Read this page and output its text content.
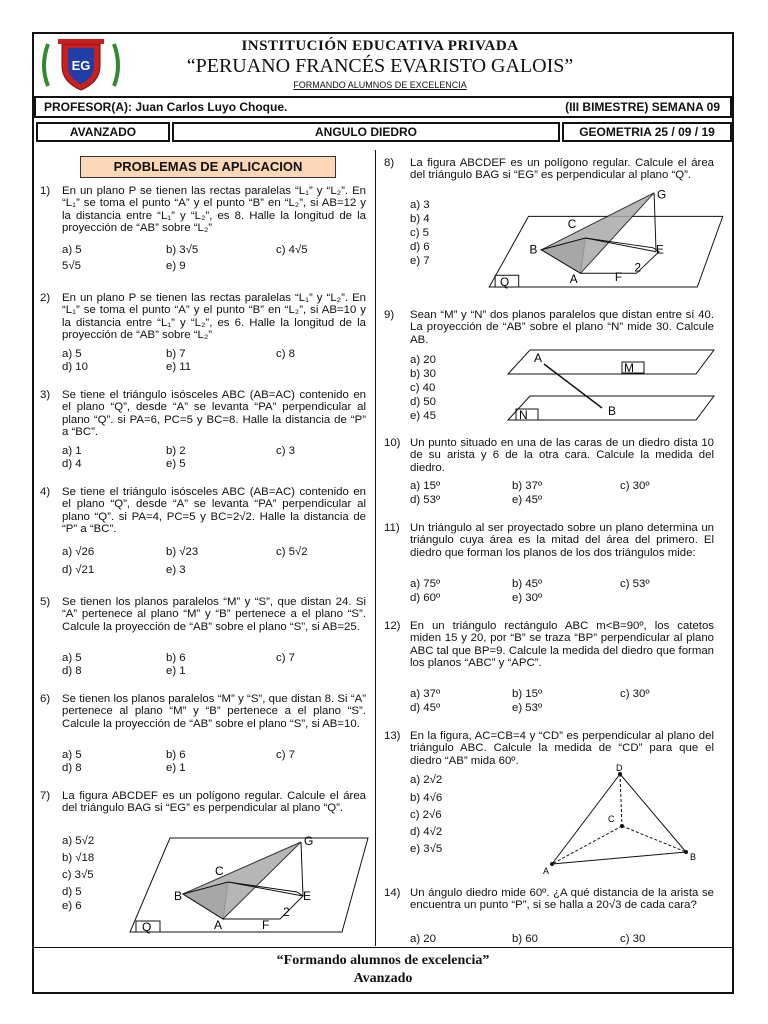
EG
INSTITUCIÓN EDUCATIVA PRIVADA
“PERUANO FRANCÉS EVARISTO GALOIS”
FORMANDO ALUMNOS DE EXCELENCIA
PROFESOR(A): Juan Carlos Luyo Choque.	(III BIMESTRE) SEMANA 09
AVANZADO	ANGULO DIEDRO	GEOMETRIA 25 / 09 / 19
PROBLEMAS DE APLICACION
1) En un plano P se tienen las rectas paralelas “L₁” y “L₂”. En “L₁” se toma el punto “A” y el punto “B” en “L₂”, si AB=12 y la distancia entre “L₁” y “L₂”, es 8. Halle la longitud de la proyección de “AB” sobre “L₂”
a) 5	b) 3√5	c) 4√5
5√5	e) 9
2) En un plano P se tienen las rectas paralelas “L₁” y “L₂”. En “L₁” se toma el punto “A” y el punto “B” en “L₂”, si AB=10 y la distancia entre “L₁” y “L₂”, es 6. Halle la longitud de la proyección de “AB” sobre “L₂”
a) 5	b) 7	c) 8
d) 10	e) 11
3) Se tiene el triángulo isósceles ABC (AB=AC) contenido en el plano “Q”, desde “A” se levanta “PA” perpendicular al plano “Q”. si PA=6, PC=5 y BC=8. Halle la distancia de “P” a “BC”.
a) 1	b) 2	c) 3
d) 4	e) 5
4) Se tiene el triángulo isósceles ABC (AB=AC) contenido en el plano “Q”, desde “A” se levanta “PA” perpendicular al plano “Q”. si PA=4, PC=5 y BC=2√2. Halle la distancia de “P” a “BC”.
a) √26	b) √23	c) 5√2
d) √21	e) 3
5) Se tienen los planos paralelos “M” y “S”, que distan 24. Si “A” pertenece al plano “M” y “B” pertenece a el plano “S”. Calcule la proyección de “AB” sobre el plano “S”, si AB=25.
a) 5	b) 6	c) 7
d) 8	e) 1
6) Se tienen los planos paralelos “M” y “S”, que distan 8. Si “A” pertenece al plano “M” y “B” pertenece a el plano “S”. Calcule la proyección de “AB” sobre el plano “S”, si AB=10.
a) 5	b) 6	c) 7
d) 8	e) 1
7) La figura ABCDEF es un polígono regular. Calcule el área del triángulo BAG si “EG” es perpendicular al plano “Q”.
a) 5√2
b) √18
c) 3√5
d) 5
e) 6
G
C
B	E
2
A	F
Q
8) La figura ABCDEF es un polígono regular. Calcule el área del triángulo BAG si “EG” es perpendicular al plano “Q”.
a) 3
b) 4
c) 5
d) 6
e) 7
G
C
B	E
2
A	F
Q
9) Sean “M” y “N” dos planos paralelos que distan entre sí 40. La proyección de “AB” sobre el plano “N” mide 30. Calcule AB.
a) 20
b) 30
c) 40
d) 50
e) 45
A
M
N	B
10) Un punto situado en una de las caras de un diedro dista 10 de su arista y 6 de la otra cara. Calcule la medida del diedro.
a) 15º	b) 37º	c) 30º
d) 53º	e) 45º
11) Un triángulo al ser proyectado sobre un plano determina un triángulo cuya área es la mitad del área del primero. El diedro que forman los planos de los dos triángulos mide:
a) 75º	b) 45º	c) 53º
d) 60º	e) 30º
12) En un triángulo rectángulo ABC m<B=90º, los catetos miden 15 y 20, por “B” se traza “BP” perpendicular al plano ABC tal que BP=9. Calcule la medida del diedro que forman los planos “ABC” y “APC”.
a) 37º	b) 15º	c) 30º
d) 45º	e) 53º
13) En la figura, AC=CB=4 y “CD” es perpendicular al plano del triángulo ABC. Calcule la medida de “CD” para que el diedro “AB” mida 60º.
a) 2√2
b) 4√6
c) 2√6
d) 4√2
e) 3√5
D
C
A
B
14) Un ángulo diedro mide 60º. ¿A qué distancia de la arista se encuentra un punto “P”, si se halla a 20√3 de cada cara?
a) 20	b) 60	c) 30
“Formando alumnos de excelencia”
Avanzado
